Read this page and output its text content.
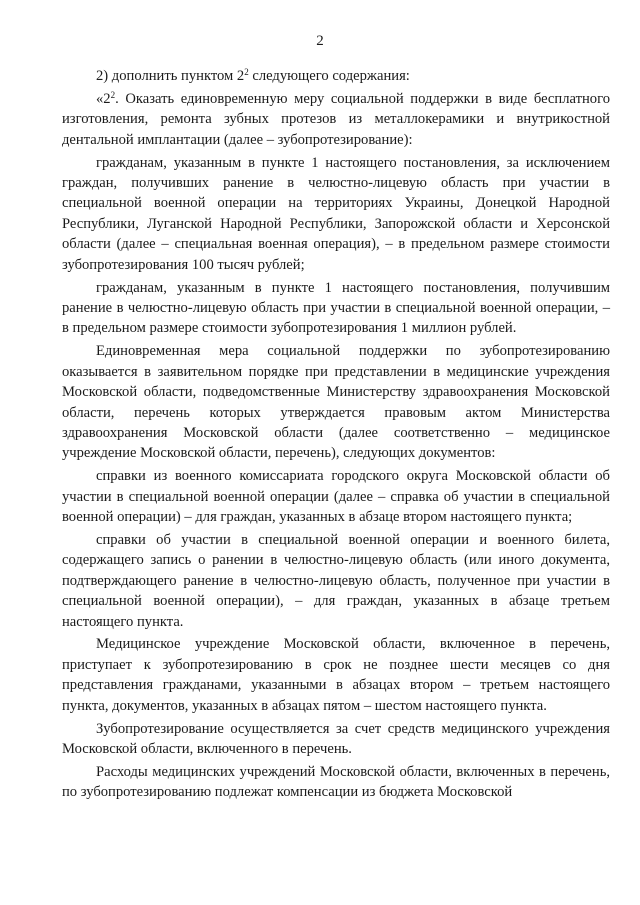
2

2) дополнить пунктом $2^2$ следующего содержания:

«$2^2$. Оказать единовременную меру социальной поддержки в виде бесплатного изготовления, ремонта зубных протезов из металлокерамики и внутрикостной дентальной имплантации (далее – зубопротезирование):

гражданам, указанным в пункте 1 настоящего постановления, за исключением граждан, получивших ранение в челюстно-лицевую область при участии в специальной военной операции на территориях Украины, Донецкой Народной Республики, Луганской Народной Республики, Запорожской области и Херсонской области (далее – специальная военная операция), – в предельном размере стоимости зубопротезирования 100 тысяч рублей;

гражданам, указанным в пункте 1 настоящего постановления, получившим ранение в челюстно-лицевую область при участии в специальной военной операции, – в предельном размере стоимости зубопротезирования 1 миллион рублей.

Единовременная мера социальной поддержки по зубопротезированию оказывается в заявительном порядке при представлении в медицинские учреждения Московской области, подведомственные Министерству здравоохранения Московской области, перечень которых утверждается правовым актом Министерства здравоохранения Московской области (далее соответственно – медицинское учреждение Московской области, перечень), следующих документов:

справки из военного комиссариата городского округа Московской области об участии в специальной военной операции (далее – справка об участии в специальной военной операции) – для граждан, указанных в абзаце втором настоящего пункта;

справки об участии в специальной военной операции и военного билета, содержащего запись о ранении в челюстно-лицевую область (или иного документа, подтверждающего ранение в челюстно-лицевую область, полученное при участии в специальной военной операции), – для граждан, указанных в абзаце третьем настоящего пункта.

Медицинское учреждение Московской области, включенное в перечень, приступает к зубопротезированию в срок не позднее шести месяцев со дня представления гражданами, указанными в абзацах втором – третьем настоящего пункта, документов, указанных в абзацах пятом – шестом настоящего пункта.

Зубопротезирование осуществляется за счет средств медицинского учреждения Московской области, включенного в перечень.

Расходы медицинских учреждений Московской области, включенных в перечень, по зубопротезированию подлежат компенсации из бюджета Московской
